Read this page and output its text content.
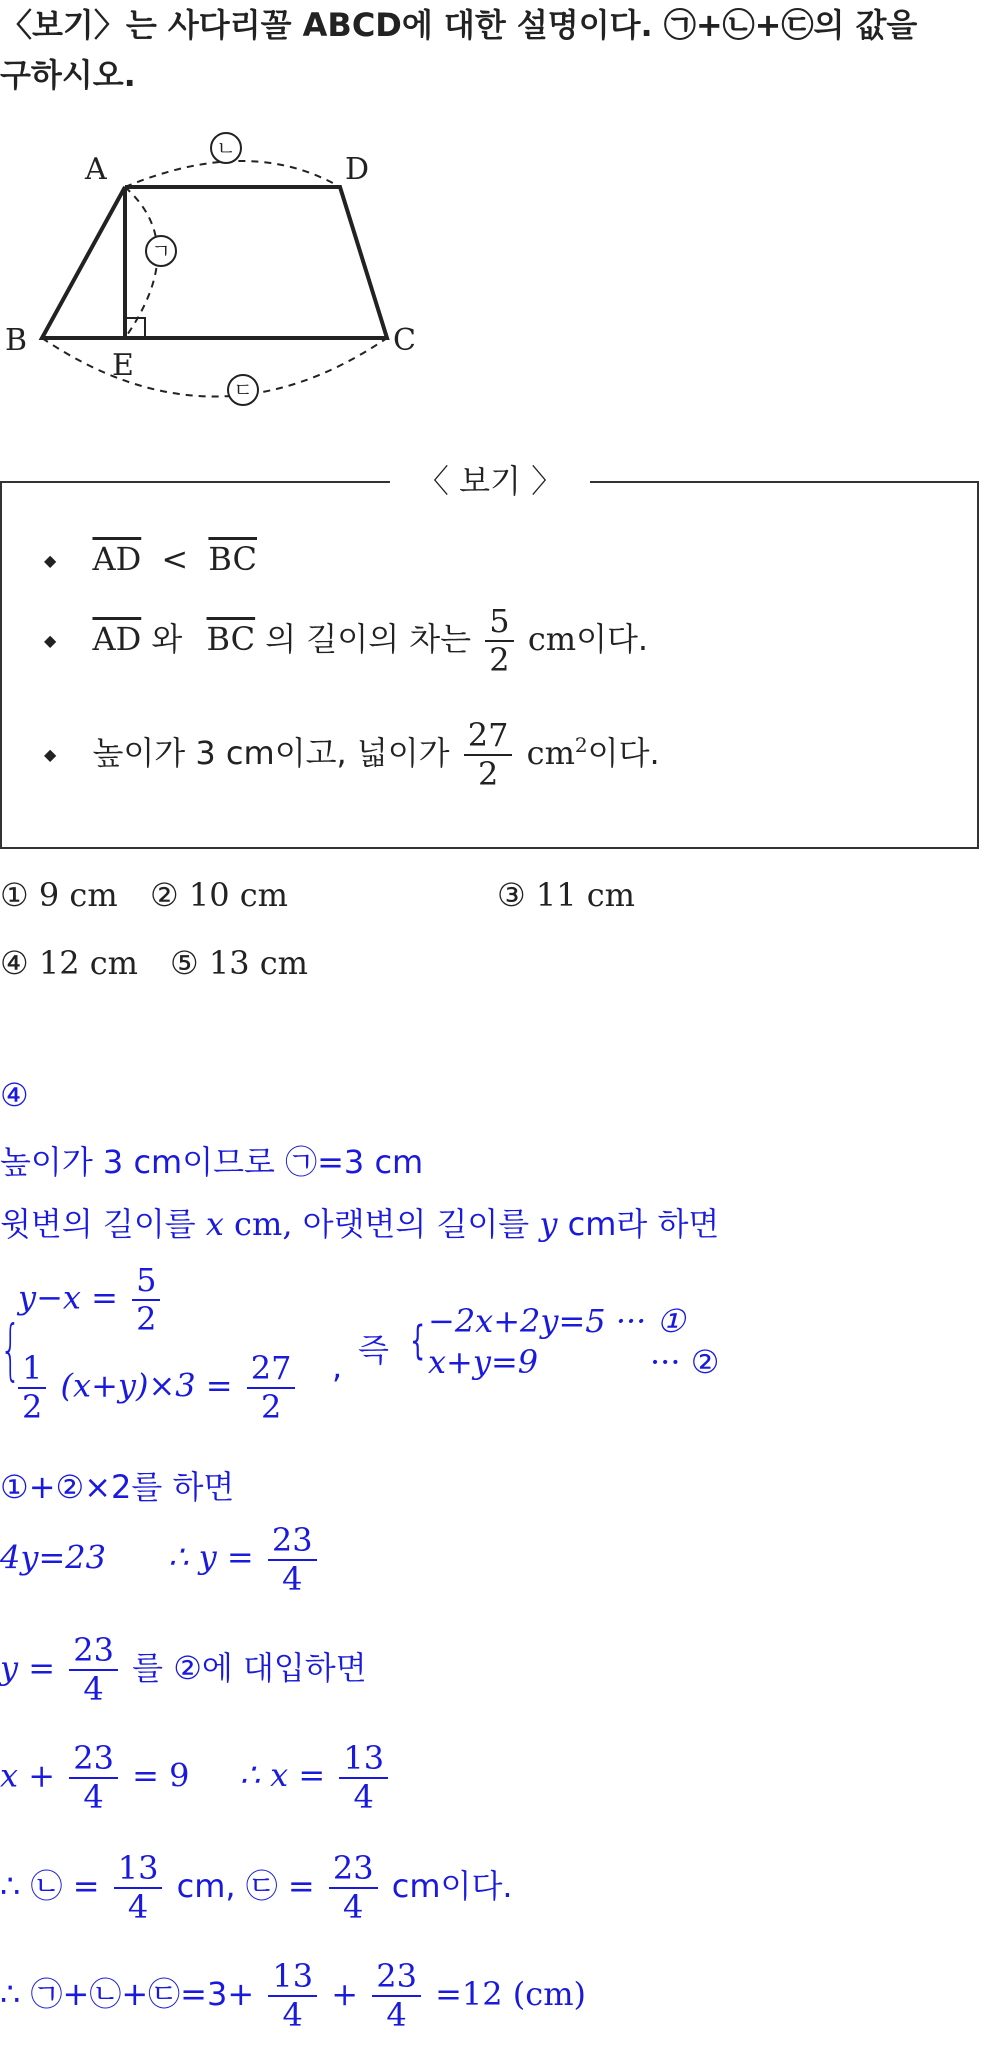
〈보기〉는 사다리꼴 ABCD에 대한 설명이다. ㉠+㉡+㉢의 값을
구하시오.
A	D
B	C
E
ㄱ
ㄴ
ㄷ
〈 보기 〉
◆ $\overline{AD} < \overline{BC}$
◆ $\overline{AD}$ 와 $\overline{BC}$ 의 길이의 차는 $\frac{5}{2}$ cm이다.
◆ 높이가 3 cm이고, 넓이가 $\frac{27}{2} cm^2$이다.
① 9 cm ② 10 cm	③ 11 cm
④ 12 cm ⑤ 13 cm
④
높이가 3 cm이므로 ㉠=3 cm
윗변의 길이를 x cm, 아랫변의 길이를 y cm라 하면
{
$y-x = \frac{5}{2}$
$\frac{1}{2} (x+y)\times 3 = \frac{27}{2}$ , 즉 { −2x+2y=5 ··· ①
x+y=9	··· ②
①+②×2를 하면
4y=23 ∴ $y = \frac{23}{4}$
$y = \frac{23}{4}$ 를 ②에 대입하면
$x + \frac{23}{4} = 9$ ∴ $x = \frac{13}{4}$
∴ ㉡ = $\frac{13}{4}$ cm, ㉢ = $\frac{23}{4}$ cm이다.
∴ ㉠+㉡+㉢=3+ $\frac{13}{4} + \frac{23}{4} =12$ (cm)
